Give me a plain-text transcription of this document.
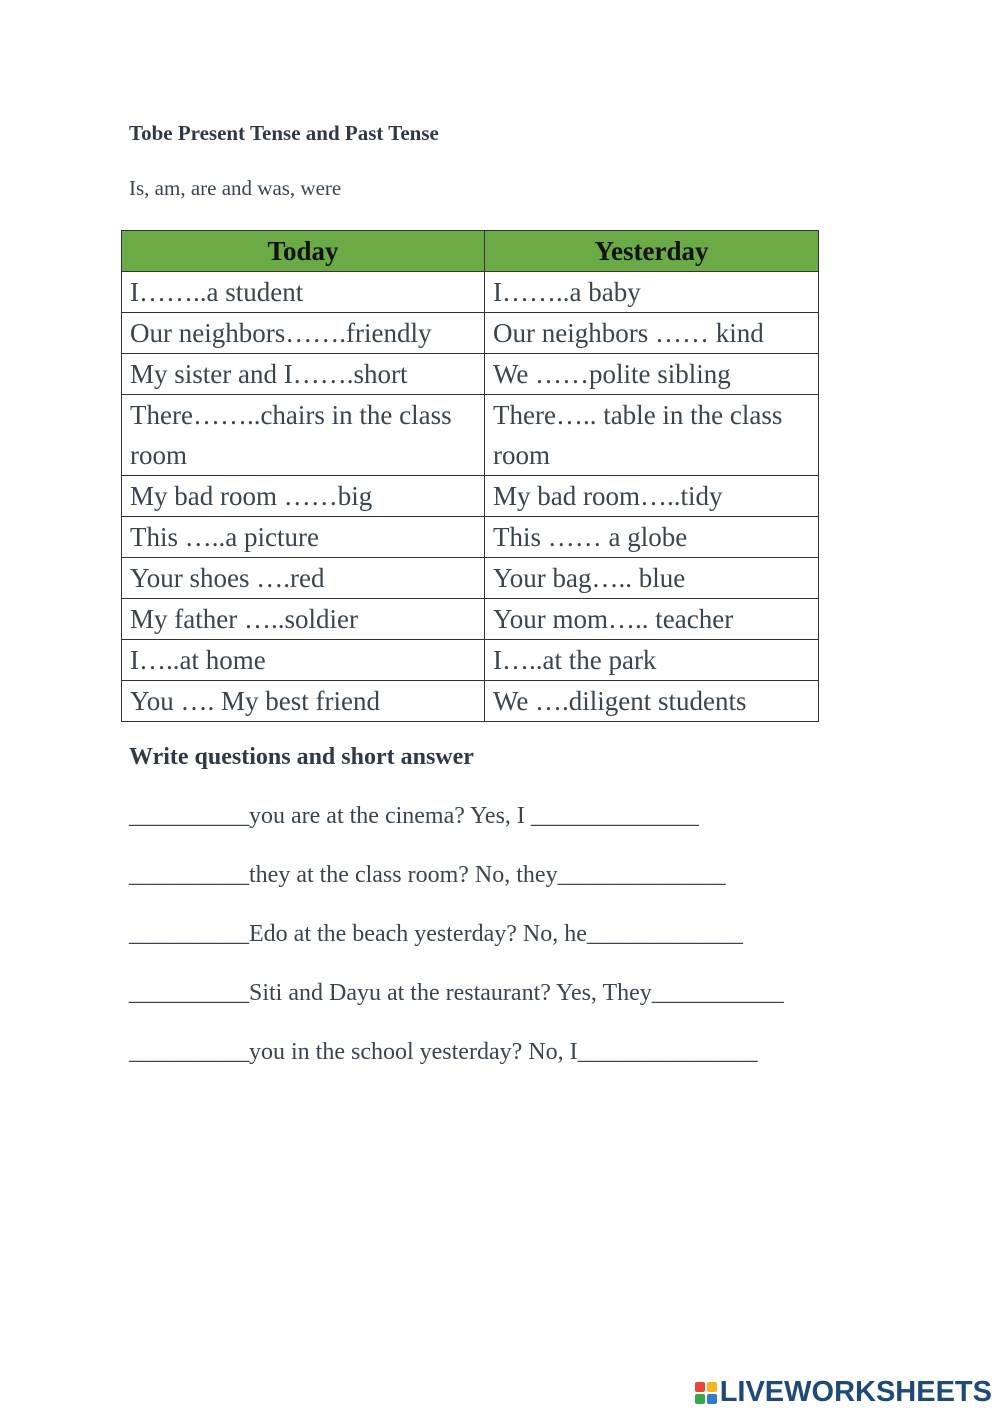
Tobe Present Tense and Past Tense
Is, am, are and was, were
Today	Yesterday
I……..a student	I……..a baby
Our neighbors…….friendly	Our neighbors …… kind
My sister and I…….short	We ……polite sibling
There……..chairs in the class room	There….. table in the class room
My bad room ……big	My bad room…..tidy
This …..a picture	This …… a globe
Your shoes ….red	Your bag….. blue
My father …..soldier	Your mom….. teacher
I…..at home	I…..at the park
You …. My best friend	We ….diligent students
Write questions and short answer
__________you are at the cinema? Yes, I ______________
__________they at the class room? No, they______________
__________Edo at the beach yesterday? No, he_____________
__________Siti and Dayu at the restaurant? Yes, They___________
__________you in the school yesterday? No, I_______________
LIVEWORKSHEETS
